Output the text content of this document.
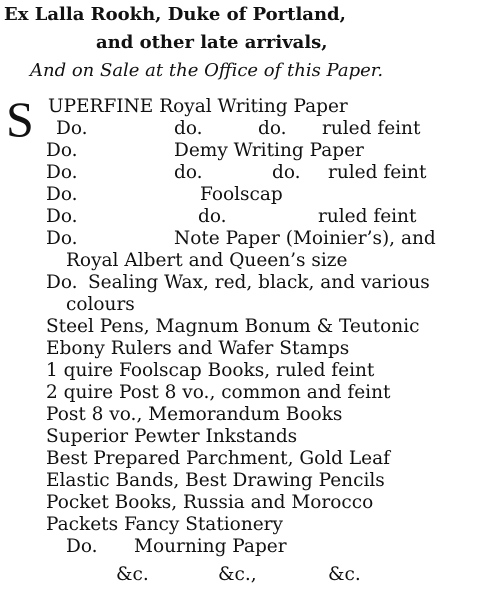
Ex Lalla Rookh, Duke of Portland,
and other late arrivals,
And on Sale at the Office of this Paper.
S UPERFINE Royal Writing Paper
Do.	do.	do. ruled feint
Do.	Demy Writing Paper
Do.	do.	do. ruled feint
Do.	Foolscap
Do.	do.	ruled feint
Do.	Note Paper (Moinier’s), and
Royal Albert and Queen’s size
Do. Sealing Wax, red, black, and various
colours
Steel Pens, Magnum Bonum & Teutonic
Ebony Rulers and Wafer Stamps
1 quire Foolscap Books, ruled feint
2 quire Post 8 vo., common and feint
Post 8 vo., Memorandum Books
Superior Pewter Inkstands
Best Prepared Parchment, Gold Leaf
Elastic Bands, Best Drawing Pencils
Pocket Books, Russia and Morocco
Packets Fancy Stationery
Do. Mourning Paper
&c.	&c.,	&c.
